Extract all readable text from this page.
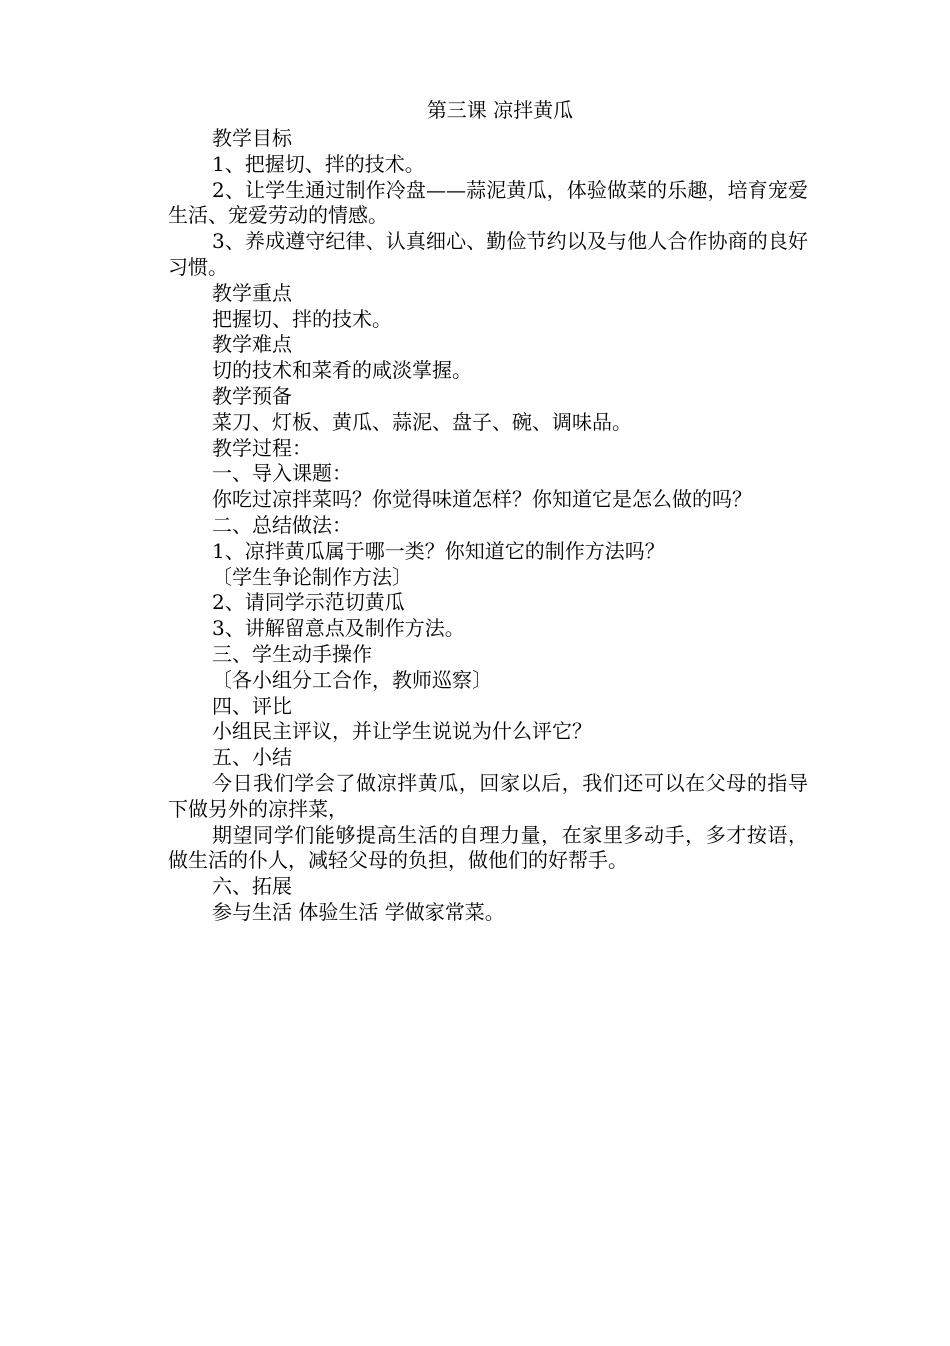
第三课 凉拌黄瓜

教学目标

1、把握切、拌的技术。

2、让学生通过制作冷盘——蒜泥黄瓜，体验做菜的乐趣，培育宠爱生活、宠爱劳动的情感。

3、养成遵守纪律、认真细心、勤俭节约以及与他人合作协商的良好习惯。

教学重点

把握切、拌的技术。

教学难点

切的技术和菜肴的咸淡掌握。

教学预备

菜刀、灯板、黄瓜、蒜泥、盘子、碗、调味品。

教学过程：

一、导入课题：

你吃过凉拌菜吗？你觉得味道怎样？你知道它是怎么做的吗？

二、总结做法：

1、凉拌黄瓜属于哪一类？你知道它的制作方法吗？

〔学生争论制作方法〕

2、请同学示范切黄瓜

3、讲解留意点及制作方法。

三、学生动手操作

〔各小组分工合作，教师巡察〕

四、评比

小组民主评议，并让学生说说为什么评它？

五、小结

今日我们学会了做凉拌黄瓜，回家以后，我们还可以在父母的指导下做另外的凉拌菜，

期望同学们能够提高生活的自理力量，在家里多动手，多才按语，做生活的仆人，减轻父母的负担，做他们的好帮手。

六、拓展

参与生活 体验生活 学做家常菜。
